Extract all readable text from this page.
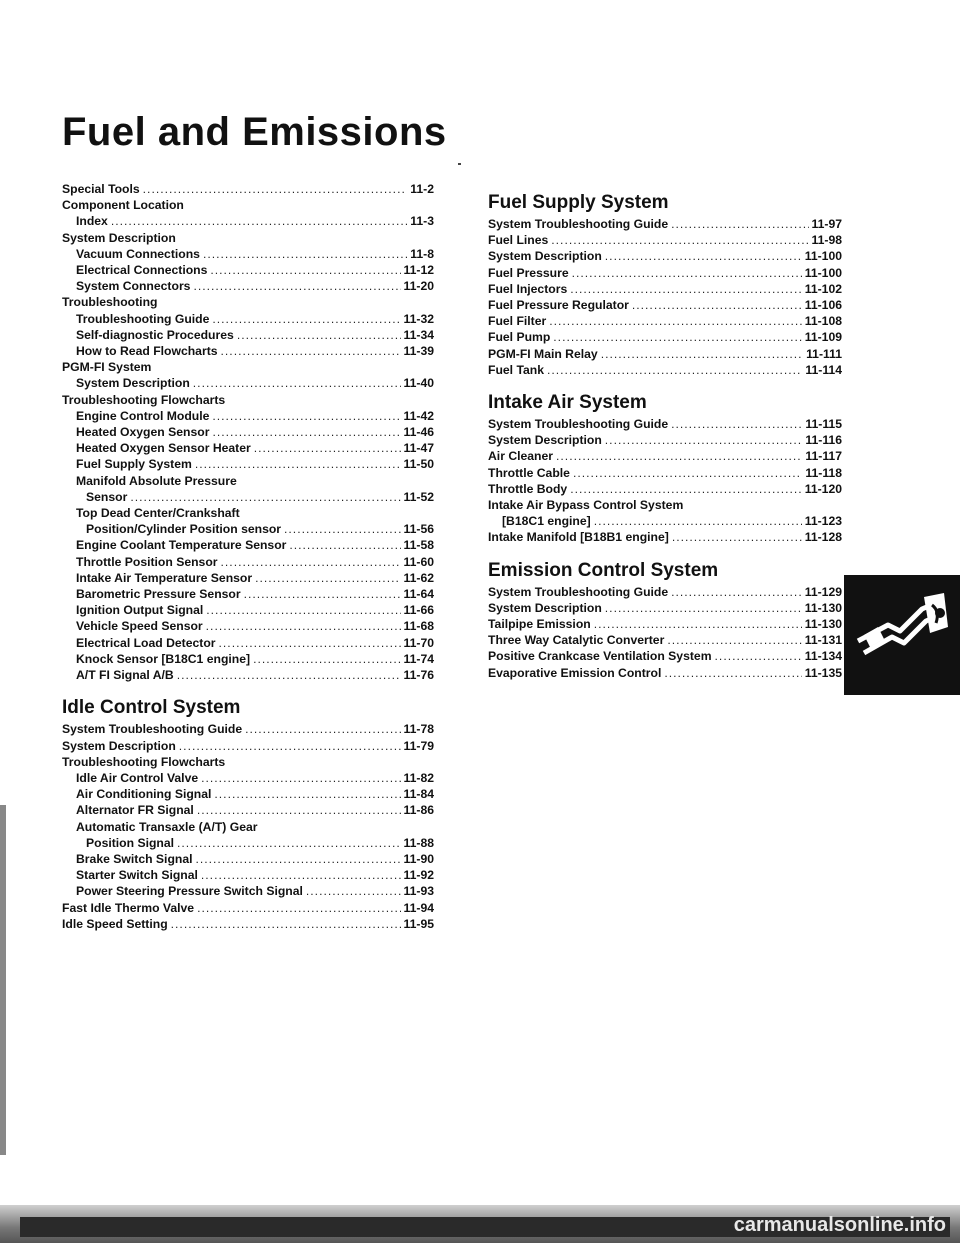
Fuel and Emissions
Special Tools .....	11-2
Component Location
Index .....	11-3
System Description
Vacuum Connections .....	11-8
Electrical Connections .....	11-12
System Connectors .....	11-20
Troubleshooting
Troubleshooting Guide .....	11-32
Self-diagnostic Procedures .....	11-34
How to Read Flowcharts .....	11-39
PGM-FI System
System Description .....	11-40
Troubleshooting Flowcharts
Engine Control Module .....	11-42
Heated Oxygen Sensor .....	11-46
Heated Oxygen Sensor Heater .....	11-47
Fuel Supply System .....	11-50
Manifold Absolute Pressure
Sensor .....	11-52
Top Dead Center/Crankshaft
Position/Cylinder Position sensor .....	11-56
Engine Coolant Temperature Sensor .....	11-58
Throttle Position Sensor .....	11-60
Intake Air Temperature Sensor .....	11-62
Barometric Pressure Sensor .....	11-64
Ignition Output Signal .....	11-66
Vehicle Speed Sensor .....	11-68
Electrical Load Detector .....	11-70
Knock Sensor [B18C1 engine] .....	11-74
A/T FI Signal A/B .....	11-76
Idle Control System
System Troubleshooting Guide .....	11-78
System Description .....	11-79
Troubleshooting Flowcharts
Idle Air Control Valve .....	11-82
Air Conditioning Signal .....	11-84
Alternator FR Signal .....	11-86
Automatic Transaxle (A/T) Gear
Position Signal .....	11-88
Brake Switch Signal .....	11-90
Starter Switch Signal .....	11-92
Power Steering Pressure Switch Signal .....	11-93
Fast Idle Thermo Valve .....	11-94
Idle Speed Setting .....	11-95
Fuel Supply System
System Troubleshooting Guide .....	11-97
Fuel Lines .....	11-98
System Description .....	11-100
Fuel Pressure .....	11-100
Fuel Injectors .....	11-102
Fuel Pressure Regulator .....	11-106
Fuel Filter .....	11-108
Fuel Pump .....	11-109
PGM-FI Main Relay .....	11-111
Fuel Tank .....	11-114
Intake Air System
System Troubleshooting Guide .....	11-115
System Description .....	11-116
Air Cleaner .....	11-117
Throttle Cable .....	11-118
Throttle Body .....	11-120
Intake Air Bypass Control System
[B18C1 engine] .....	11-123
Intake Manifold [B18B1 engine] .....	11-128
Emission Control System
System Troubleshooting Guide .....	11-129
System Description .....	11-130
Tailpipe Emission .....	11-130
Three Way Catalytic Converter .....	11-131
Positive Crankcase Ventilation System .....	11-134
Evaporative Emission Control .....	11-135
carmanualsonline.info
